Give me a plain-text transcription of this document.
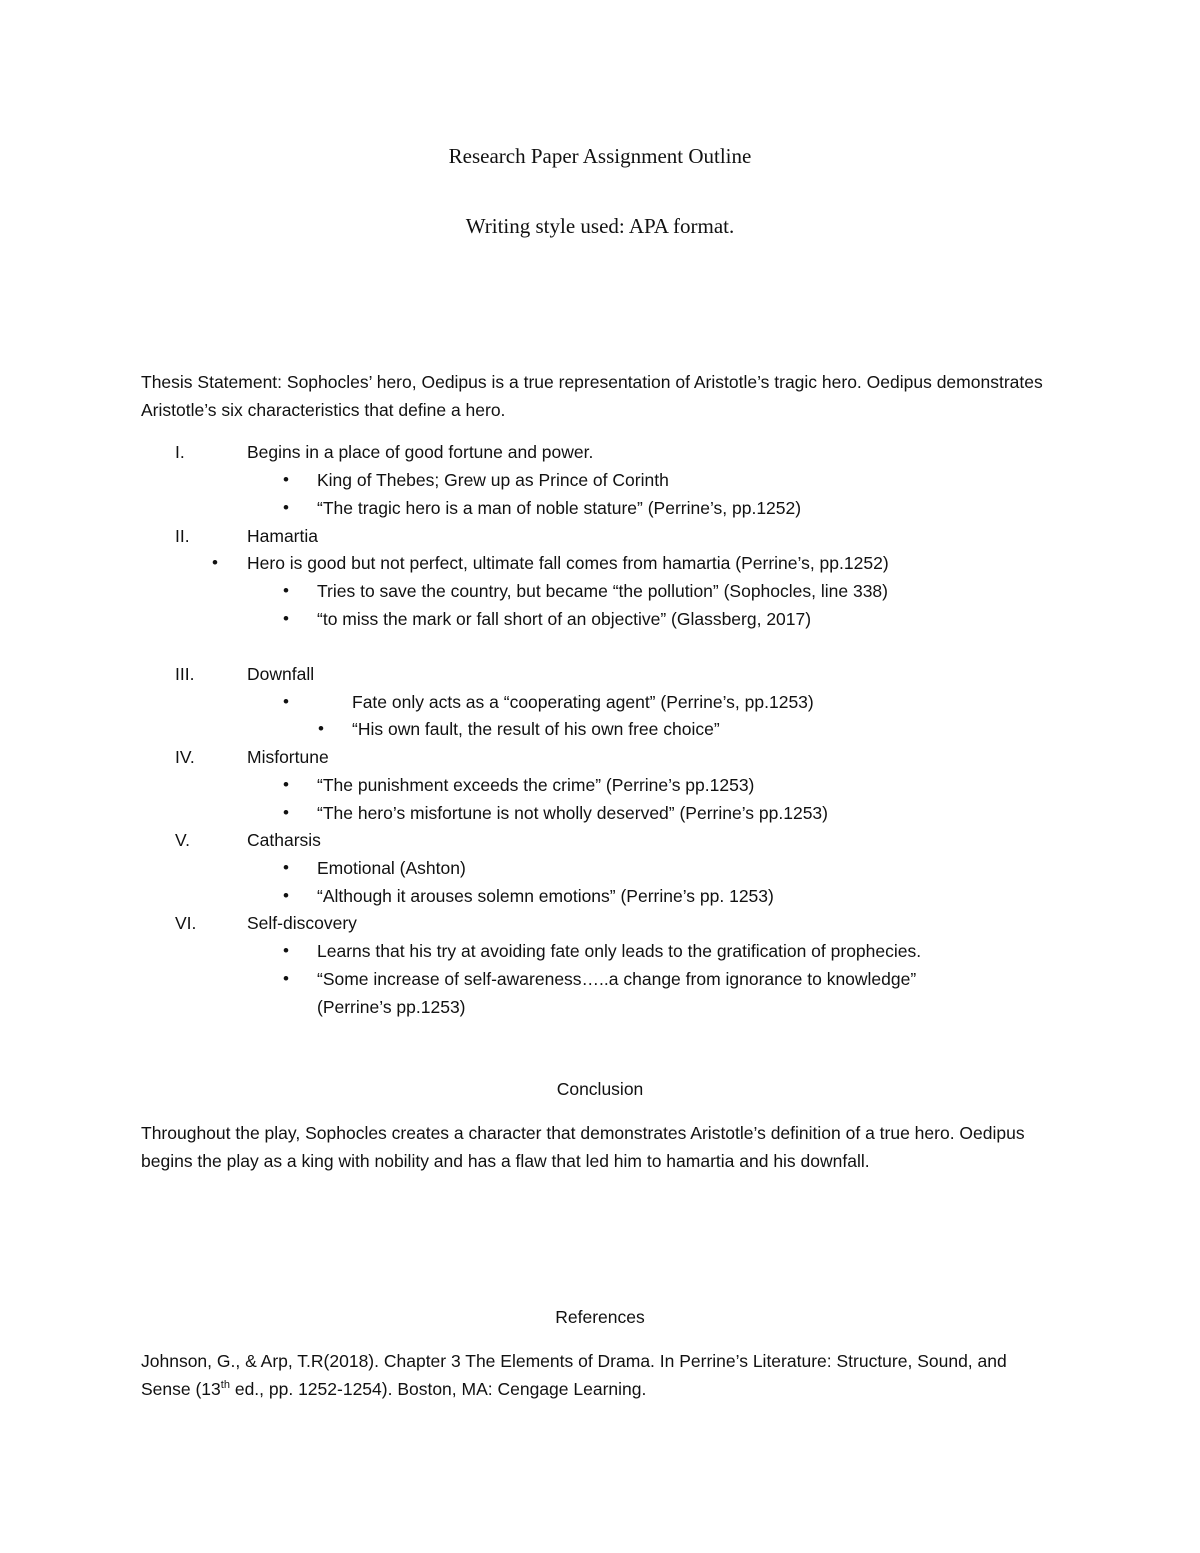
Research Paper Assignment Outline
Writing style used: APA format.
Thesis Statement: Sophocles’ hero, Oedipus is a true representation of Aristotle’s tragic hero. Oedipus demonstrates Aristotle’s six characteristics that define a hero.
I.	Begins in a place of good fortune and power.
• King of Thebes; Grew up as Prince of Corinth
• “The tragic hero is a man of noble stature” (Perrine’s, pp.1252)
II.	Hamartia
• Hero is good but not perfect, ultimate fall comes from hamartia (Perrine’s, pp.1252)
• Tries to save the country, but became “the pollution” (Sophocles, line 338)
• “to miss the mark or fall short of an objective” (Glassberg, 2017)
III.	Downfall
•	Fate only acts as a “cooperating agent” (Perrine’s, pp.1253)
• “His own fault, the result of his own free choice”
IV.	Misfortune
• “The punishment exceeds the crime” (Perrine’s pp.1253)
• “The hero’s misfortune is not wholly deserved” (Perrine’s pp.1253)
V.	Catharsis
• Emotional (Ashton)
• “Although it arouses solemn emotions” (Perrine’s pp. 1253)
VI.	Self-discovery
• Learns that his try at avoiding fate only leads to the gratification of prophecies.
• “Some increase of self-awareness…..a change from ignorance to knowledge”
(Perrine’s pp.1253)
Conclusion
Throughout the play, Sophocles creates a character that demonstrates Aristotle’s definition of a true hero. Oedipus begins the play as a king with nobility and has a flaw that led him to hamartia and his downfall.
References
Johnson, G., & Arp, T.R(2018). Chapter 3 The Elements of Drama. In Perrine’s Literature: Structure, Sound, and Sense (13th ed., pp. 1252-1254). Boston, MA: Cengage Learning.
